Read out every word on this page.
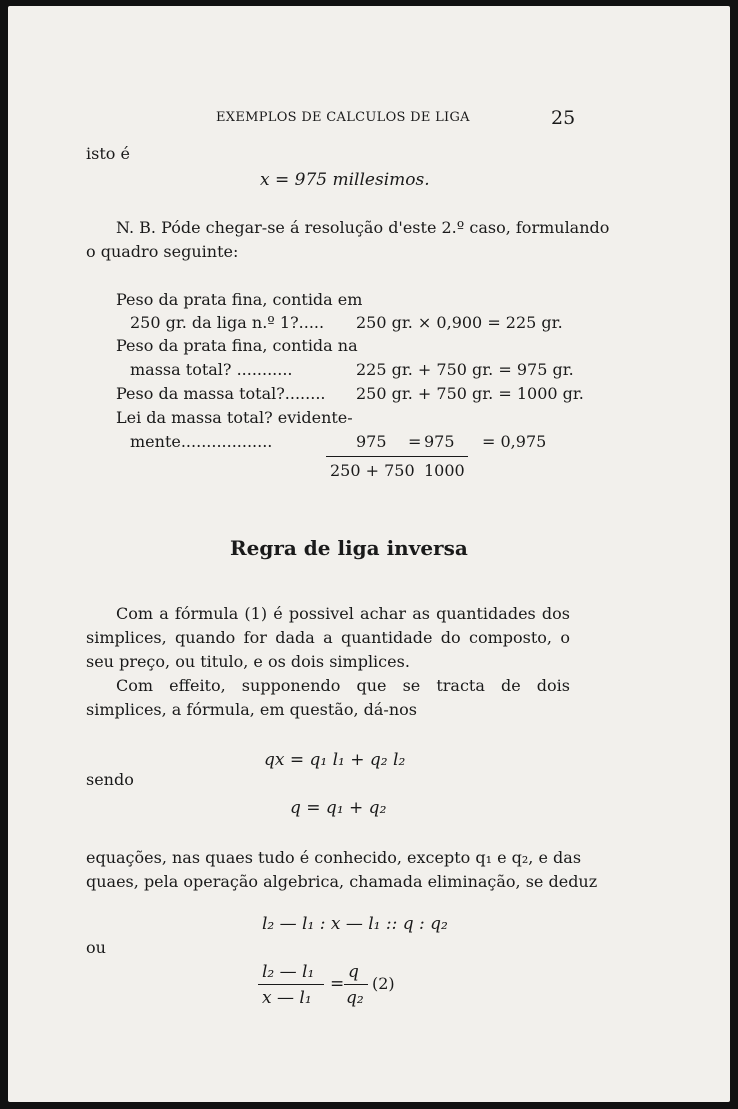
EXEMPLOS DE CALCULOS DE LIGA	25
isto é
x = 975 millesimos.
N. B. Póde chegar-se á resolução d'este 2.º caso, formulando
o quadro seguinte:
Peso da prata fina, contida em
250 gr. da liga n.º 1?..... 250 gr. × 0,900 = 225 gr.
Peso da prata fina, contida na
massa total? ...........	225 gr. + 750 gr. = 975 gr.
Peso da massa total?........ 250 gr. + 750 gr. = 1000 gr.
Lei da massa total? evidente-
mente..................	975 = 975 = 0,975
250 + 750 1000
Regra de liga inversa
Com a fórmula (1) é possivel achar as quantidades dos simplices, quando for dada a quantidade do composto, o seu preço, ou titulo, e os dois simplices.
Com effeito, supponendo que se tracta de dois simplices, a fórmula, em questão, dá-nos
qx = q₁ l₁ + q₂ l₂
sendo
q = q₁ + q₂
equações, nas quaes tudo é conhecido, excepto q₁ e q₂, e das
quaes, pela operação algebrica, chamada eliminação, se deduz
l₂ — l₁ : x — l₁ :: q : q₂
ou
l₂ — l₁
x — l₁
=
q
q₂
(2)
